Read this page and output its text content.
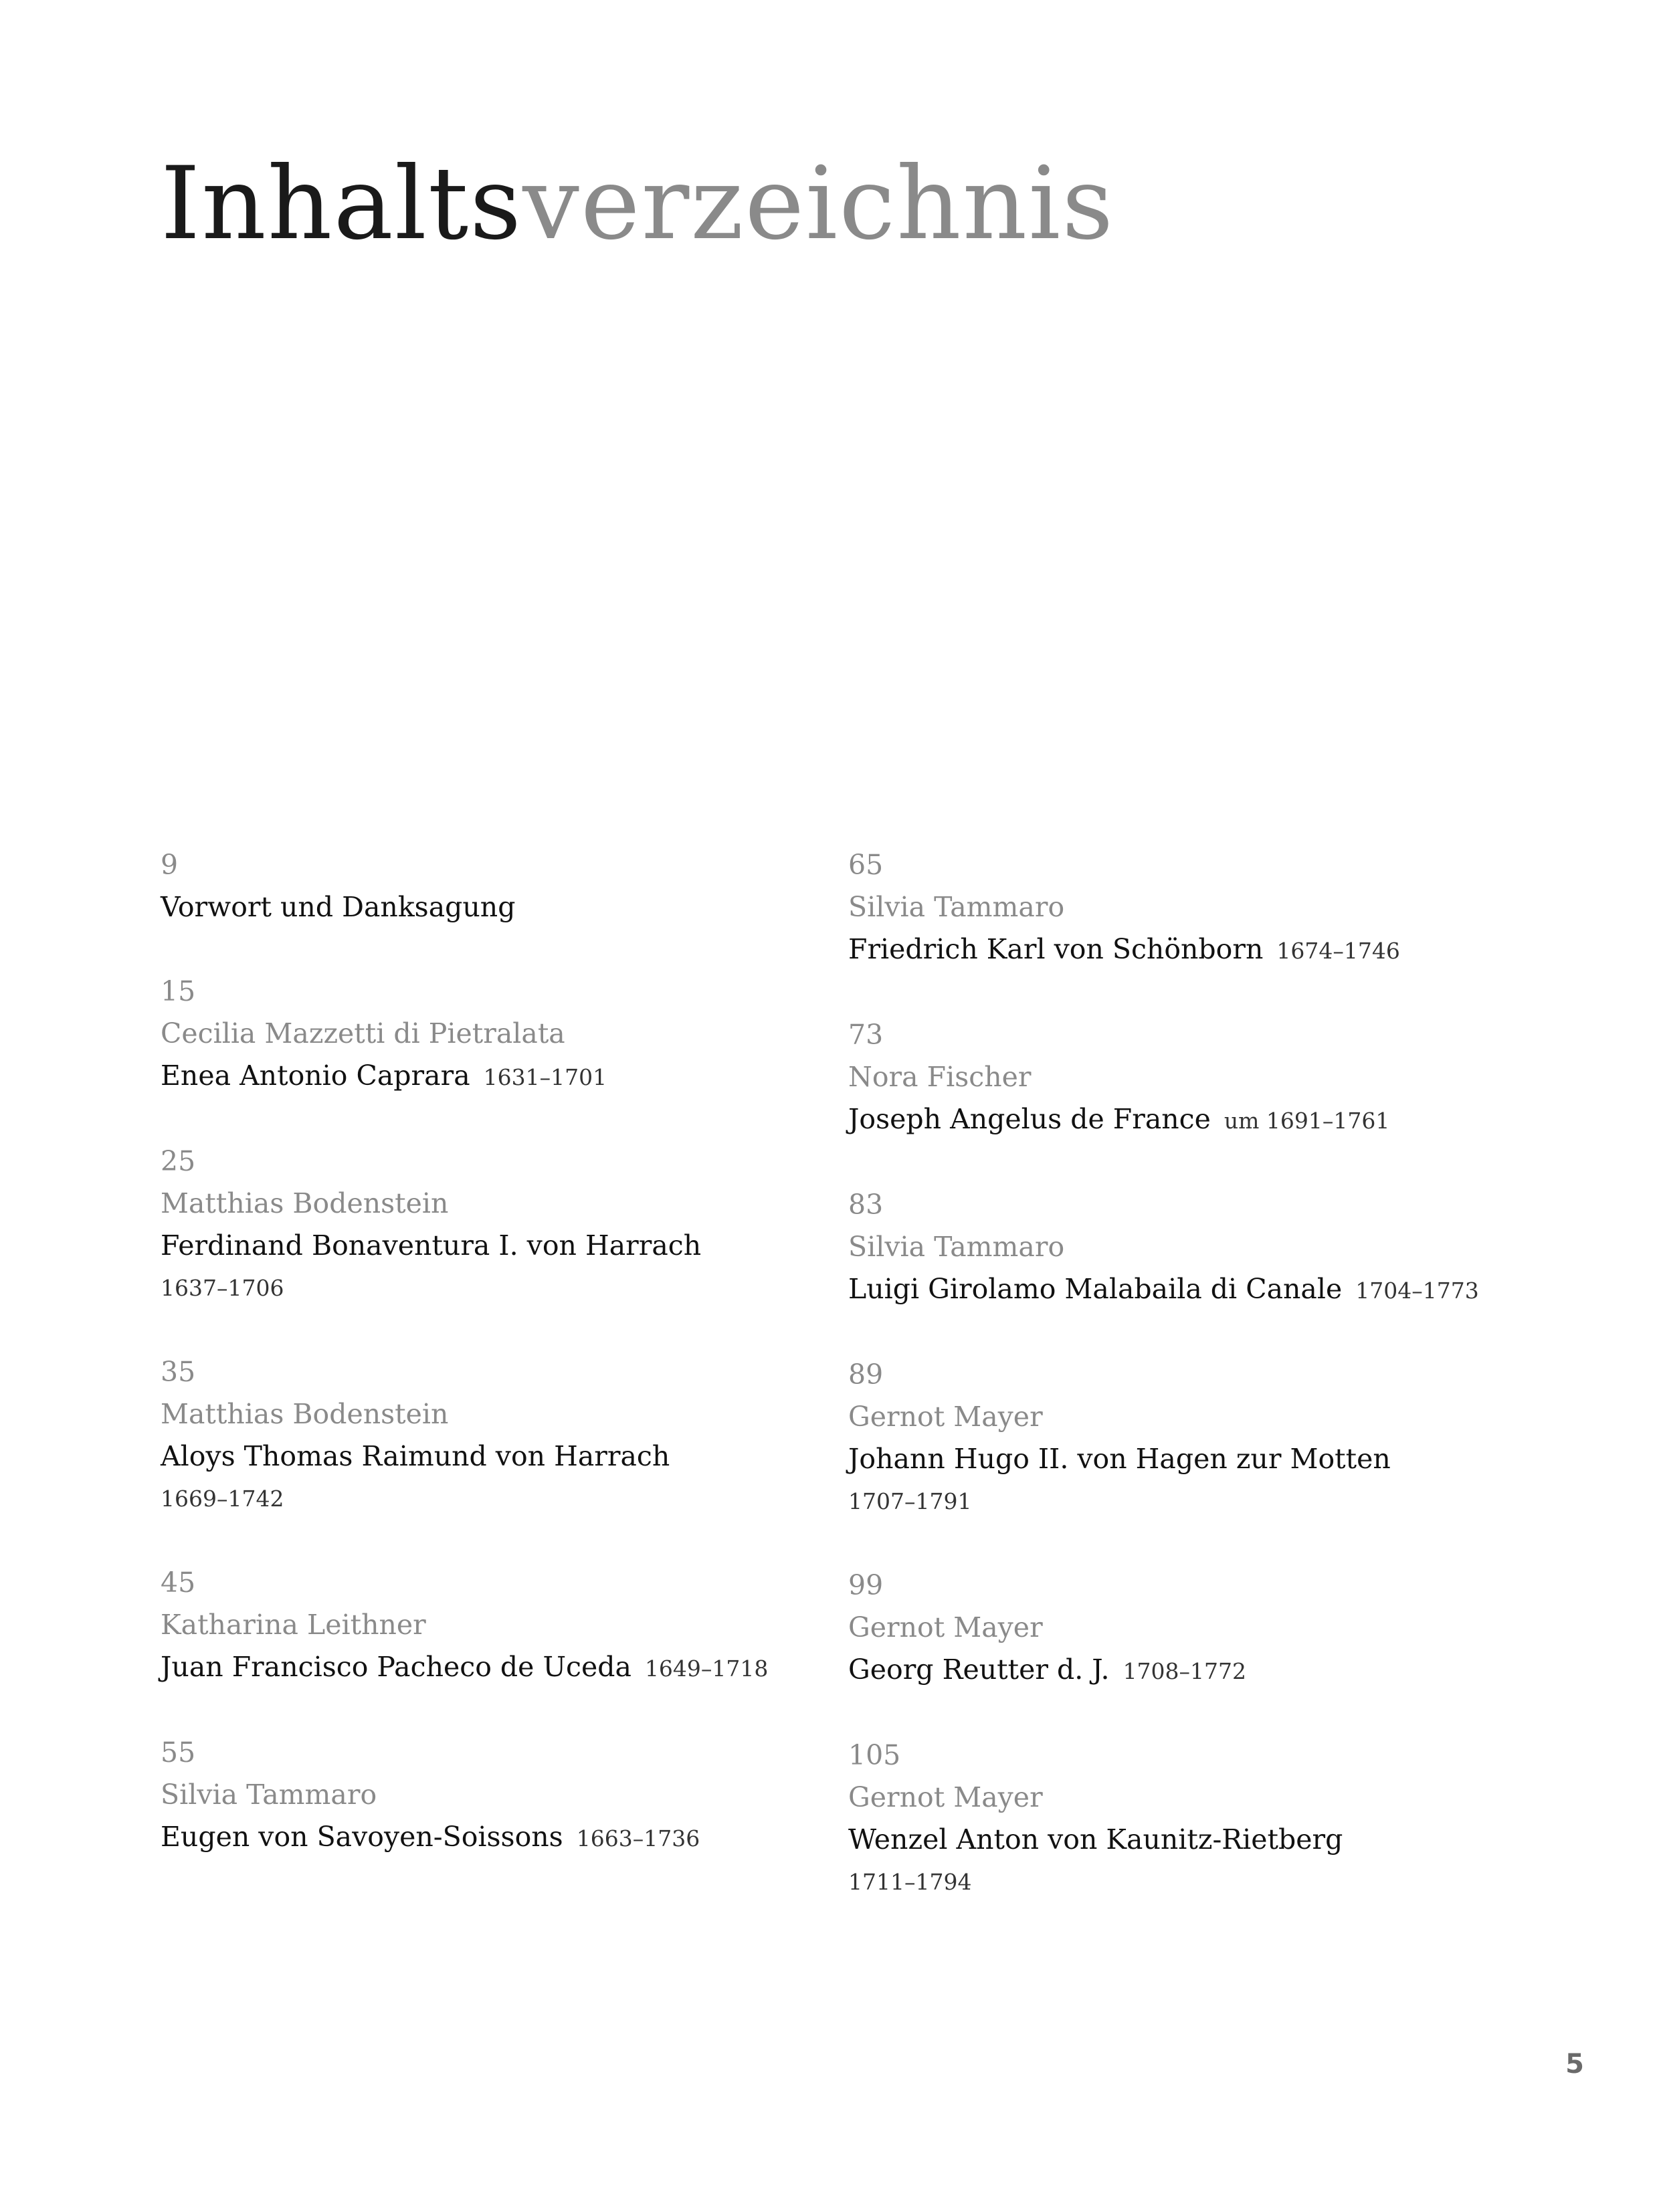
Inhaltsverzeichnis
9
Vorwort und Danksagung
15
Cecilia Mazzetti di Pietralata
Enea Antonio Caprara 1631–1701
25
Matthias Bodenstein
Ferdinand Bonaventura I. von Harrach
1637–1706
35
Matthias Bodenstein
Aloys Thomas Raimund von Harrach
1669–1742
45
Katharina Leithner
Juan Francisco Pacheco de Uceda 1649–1718
55
Silvia Tammaro
Eugen von Savoyen-Soissons 1663–1736
65
Silvia Tammaro
Friedrich Karl von Schönborn 1674–1746
73
Nora Fischer
Joseph Angelus de France um 1691–1761
83
Silvia Tammaro
Luigi Girolamo Malabaila di Canale 1704–1773
89
Gernot Mayer
Johann Hugo II. von Hagen zur Motten
1707–1791
99
Gernot Mayer
Georg Reutter d. J. 1708–1772
105
Gernot Mayer
Wenzel Anton von Kaunitz-Rietberg
1711–1794
5
